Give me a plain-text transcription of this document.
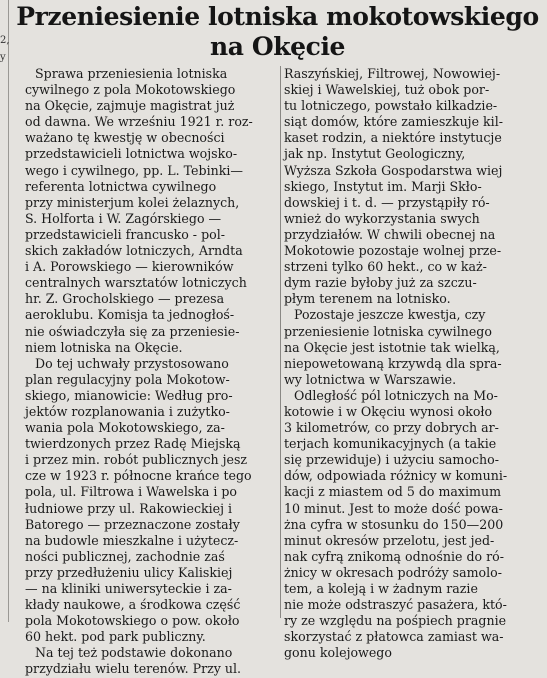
2,
y
Przeniesienie lotniska mokotowskiego
na Okęcie

Sprawa przeniesienia lotniska
cywilnego z pola Mokotowskiego
na Okęcie, zajmuje magistrat już
od dawna. We wrześniu 1921 r. roz-
ważano tę kwestję w obecności
przedstawicieli lotnictwa wojsko-
wego i cywilnego, pp. L. Tebinki—
referenta lotnictwa cywilnego
przy ministerjum kolei żelaznych,
S. Holforta i W. Zagórskiego —
przedstawicieli francusko - pol-
skich zakładów lotniczych, Arndta
i A. Porowskiego — kierowników
centralnych warsztatów lotniczych
hr. Z. Grocholskiego — prezesa
aeroklubu. Komisja ta jednogłoś-
nie oświadczyła się za przeniesie-
niem lotniska na Okęcie.

Do tej uchwały przystosowano
plan regulacyjny pola Mokotow-
skiego, mianowicie: Według pro-
jektów rozplanowania i zużytko-
wania pola Mokotowskiego, za-
twierdzonych przez Radę Miejską
i przez min. robót publicznych jesz
cze w 1923 r. północne krańce tego
pola, ul. Filtrowa i Wawelska i po
łudniowe przy ul. Rakowieckiej i
Batorego — przeznaczone zostały
na budowle mieszkalne i użytecz-
ności publicznej, zachodnie zaś
przy przedłużeniu ulicy Kaliskiej
— na kliniki uniwersyteckie i za-
kłady naukowe, a środkowa część
pola Mokotowskiego o pow. około
60 hekt. pod park publiczny.

Na tej też podstawie dokonano
przydziału wielu terenów. Przy ul.

Raszyńskiej, Filtrowej, Nowowiej-
skiej i Wawelskiej, tuż obok por-
tu lotniczego, powstało kilkadzie-
siąt domów, które zamieszkuje kil-
kaset rodzin, a niektóre instytucje
jak np. Instytut Geologiczny,
Wyższa Szkoła Gospodarstwa wiej
skiego, Instytut im. Marji Skło-
dowskiej i t. d. — przystąpiły ró-
wnież do wykorzystania swych
przydziałów. W chwili obecnej na
Mokotowie pozostaje wolnej prze-
strzeni tylko 60 hekt., co w każ-
dym razie byłoby już za szczu-
płym terenem na lotnisko.

Pozostaje jeszcze kwestja, czy
przeniesienie lotniska cywilnego
na Okęcie jest istotnie tak wielką,
niepowetowaną krzywdą dla spra-
wy lotnictwa w Warszawie.

Odległość pól lotniczych na Mo-
kotowie i w Okęciu wynosi około
3 kilometrów, co przy dobrych ar-
terjach komunikacyjnych (a takie
się przewiduje) i użyciu samocho-
dów, odpowiada różnicy w komuni-
kacji z miastem od 5 do maximum
10 minut. Jest to może dość powa-
żna cyfra w stosunku do 150—200
minut okresów przelotu, jest jed-
nak cyfrą znikomą odnośnie do ró-
żnicy w okresach podróży samolo-
tem, a koleją i w żadnym razie
nie może odstraszyć pasażera, któ-
ry ze względu na pośpiech pragnie
skorzystać z płatowca zamiast wa-
gonu kolejowego
